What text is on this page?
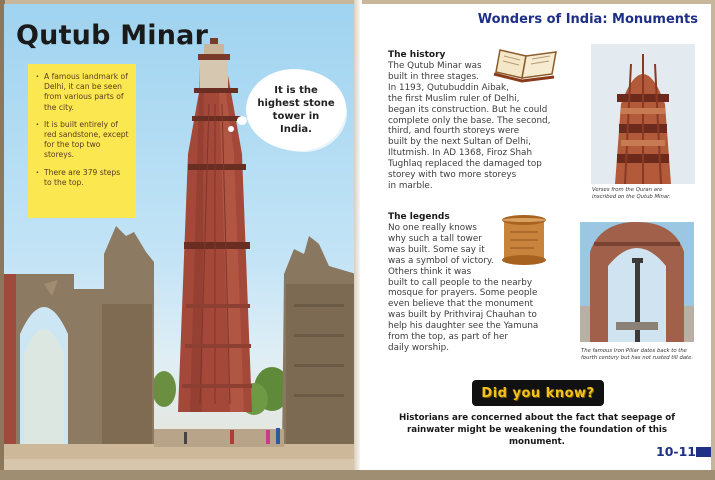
Qutub Minar
· A famous landmark of Delhi, it can be seen from various parts of the city.
· It is built entirely of red sandstone, except for the top two storeys.
· There are 379 steps to the top.
It is the highest stone tower in India.
Wonders of India: Monuments
The history
The Qutub Minar was
built in three stages.
In 1193, Qutubuddin Aibak,
the first Muslim ruler of Delhi,
began its construction. But he could
complete only the base. The second,
third, and fourth storeys were
built by the next Sultan of Delhi,
Iltutmish. In AD 1368, Firoz Shah
Tughlaq replaced the damaged top
storey with two more storeys
in marble.	Verses from the Quran are
inscribed on the Qutub Minar.
The legends
No one really knows
why such a tall tower
was built. Some say it
was a symbol of victory.
Others think it was
built to call people to the nearby
mosque for prayers. Some people
even believe that the monument
was built by Prithviraj Chauhan to
help his daughter see the Yamuna
from the top, as part of her
daily worship.	The famous Iron Pillar dates back to the
fourth century but has not rusted till date.
Did you know?
Historians are concerned about the fact that seepage of
rainwater might be weakening the foundation of this monument.
10-11
